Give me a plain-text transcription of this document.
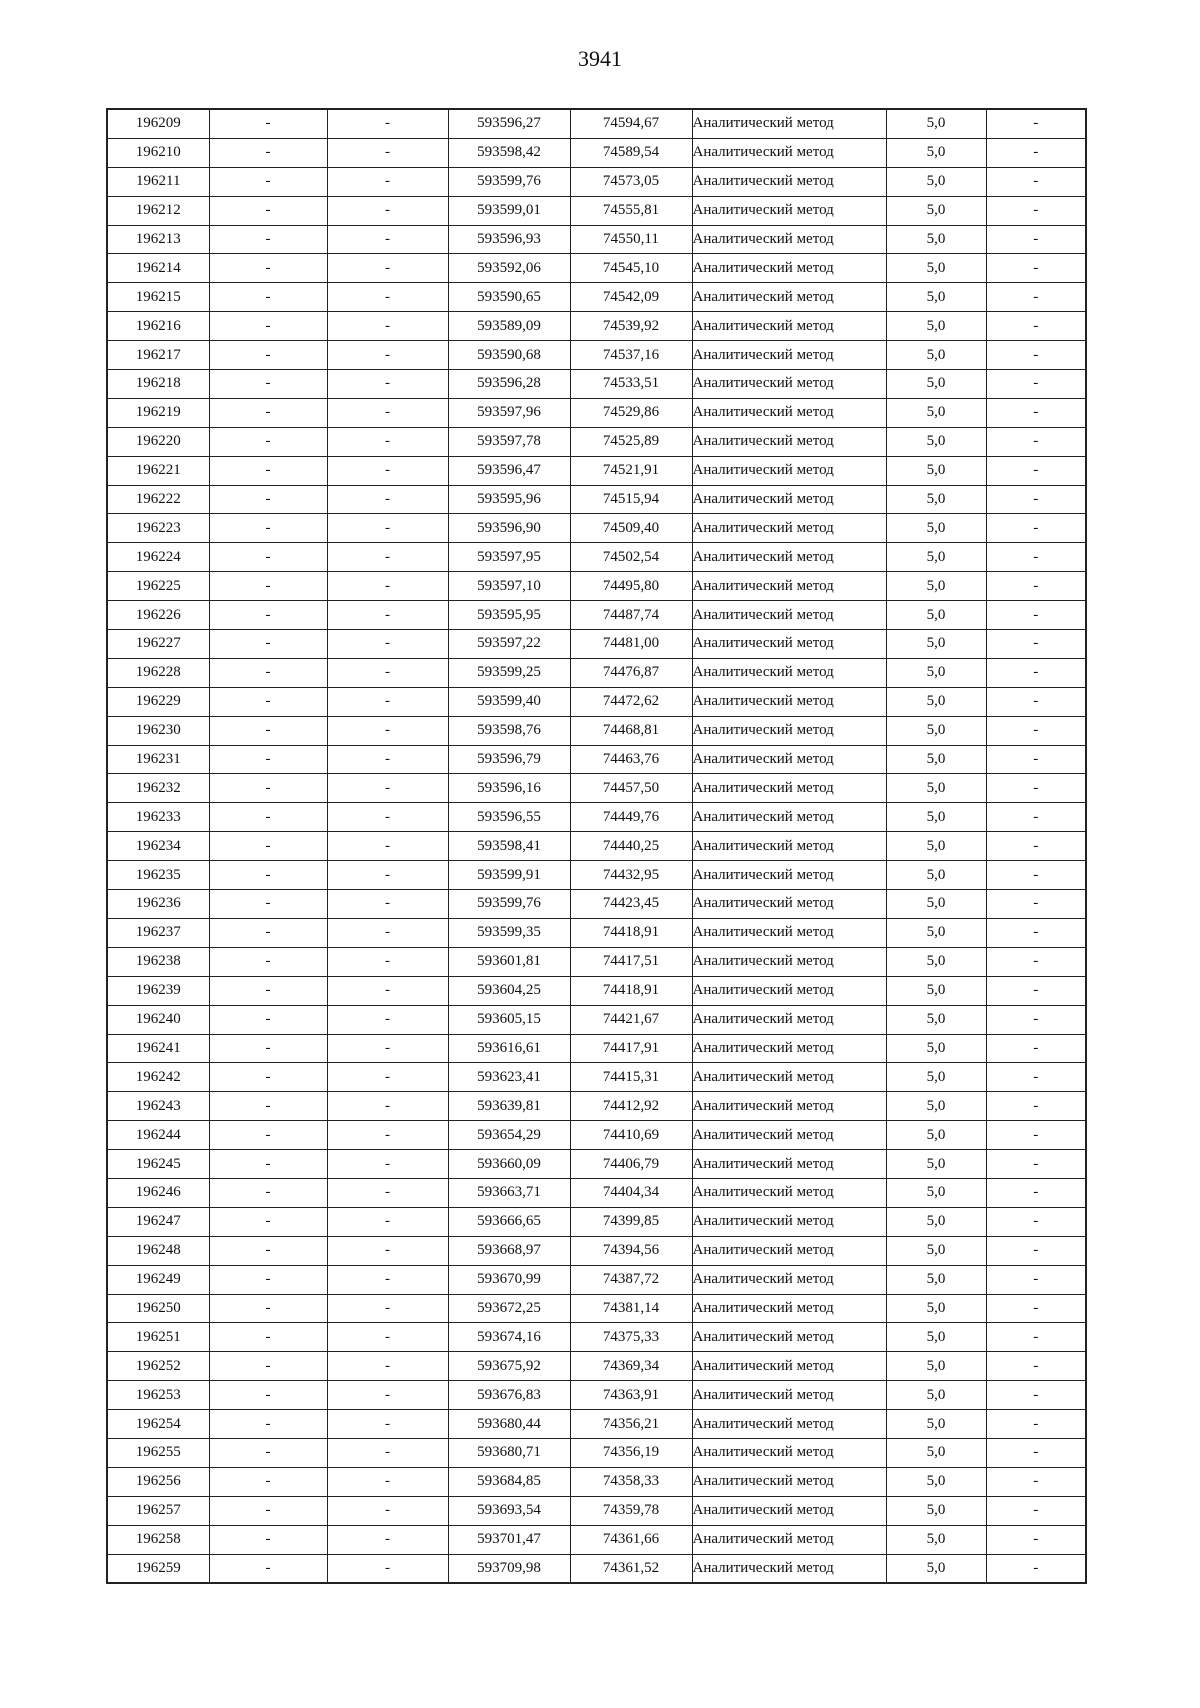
3941
196209	-	-	593596,27	74594,67	Аналитический метод	5,0	-
196210	-	-	593598,42	74589,54	Аналитический метод	5,0	-
196211	-	-	593599,76	74573,05	Аналитический метод	5,0	-
196212	-	-	593599,01	74555,81	Аналитический метод	5,0	-
196213	-	-	593596,93	74550,11	Аналитический метод	5,0	-
196214	-	-	593592,06	74545,10	Аналитический метод	5,0	-
196215	-	-	593590,65	74542,09	Аналитический метод	5,0	-
196216	-	-	593589,09	74539,92	Аналитический метод	5,0	-
196217	-	-	593590,68	74537,16	Аналитический метод	5,0	-
196218	-	-	593596,28	74533,51	Аналитический метод	5,0	-
196219	-	-	593597,96	74529,86	Аналитический метод	5,0	-
196220	-	-	593597,78	74525,89	Аналитический метод	5,0	-
196221	-	-	593596,47	74521,91	Аналитический метод	5,0	-
196222	-	-	593595,96	74515,94	Аналитический метод	5,0	-
196223	-	-	593596,90	74509,40	Аналитический метод	5,0	-
196224	-	-	593597,95	74502,54	Аналитический метод	5,0	-
196225	-	-	593597,10	74495,80	Аналитический метод	5,0	-
196226	-	-	593595,95	74487,74	Аналитический метод	5,0	-
196227	-	-	593597,22	74481,00	Аналитический метод	5,0	-
196228	-	-	593599,25	74476,87	Аналитический метод	5,0	-
196229	-	-	593599,40	74472,62	Аналитический метод	5,0	-
196230	-	-	593598,76	74468,81	Аналитический метод	5,0	-
196231	-	-	593596,79	74463,76	Аналитический метод	5,0	-
196232	-	-	593596,16	74457,50	Аналитический метод	5,0	-
196233	-	-	593596,55	74449,76	Аналитический метод	5,0	-
196234	-	-	593598,41	74440,25	Аналитический метод	5,0	-
196235	-	-	593599,91	74432,95	Аналитический метод	5,0	-
196236	-	-	593599,76	74423,45	Аналитический метод	5,0	-
196237	-	-	593599,35	74418,91	Аналитический метод	5,0	-
196238	-	-	593601,81	74417,51	Аналитический метод	5,0	-
196239	-	-	593604,25	74418,91	Аналитический метод	5,0	-
196240	-	-	593605,15	74421,67	Аналитический метод	5,0	-
196241	-	-	593616,61	74417,91	Аналитический метод	5,0	-
196242	-	-	593623,41	74415,31	Аналитический метод	5,0	-
196243	-	-	593639,81	74412,92	Аналитический метод	5,0	-
196244	-	-	593654,29	74410,69	Аналитический метод	5,0	-
196245	-	-	593660,09	74406,79	Аналитический метод	5,0	-
196246	-	-	593663,71	74404,34	Аналитический метод	5,0	-
196247	-	-	593666,65	74399,85	Аналитический метод	5,0	-
196248	-	-	593668,97	74394,56	Аналитический метод	5,0	-
196249	-	-	593670,99	74387,72	Аналитический метод	5,0	-
196250	-	-	593672,25	74381,14	Аналитический метод	5,0	-
196251	-	-	593674,16	74375,33	Аналитический метод	5,0	-
196252	-	-	593675,92	74369,34	Аналитический метод	5,0	-
196253	-	-	593676,83	74363,91	Аналитический метод	5,0	-
196254	-	-	593680,44	74356,21	Аналитический метод	5,0	-
196255	-	-	593680,71	74356,19	Аналитический метод	5,0	-
196256	-	-	593684,85	74358,33	Аналитический метод	5,0	-
196257	-	-	593693,54	74359,78	Аналитический метод	5,0	-
196258	-	-	593701,47	74361,66	Аналитический метод	5,0	-
196259	-	-	593709,98	74361,52	Аналитический метод	5,0	-
